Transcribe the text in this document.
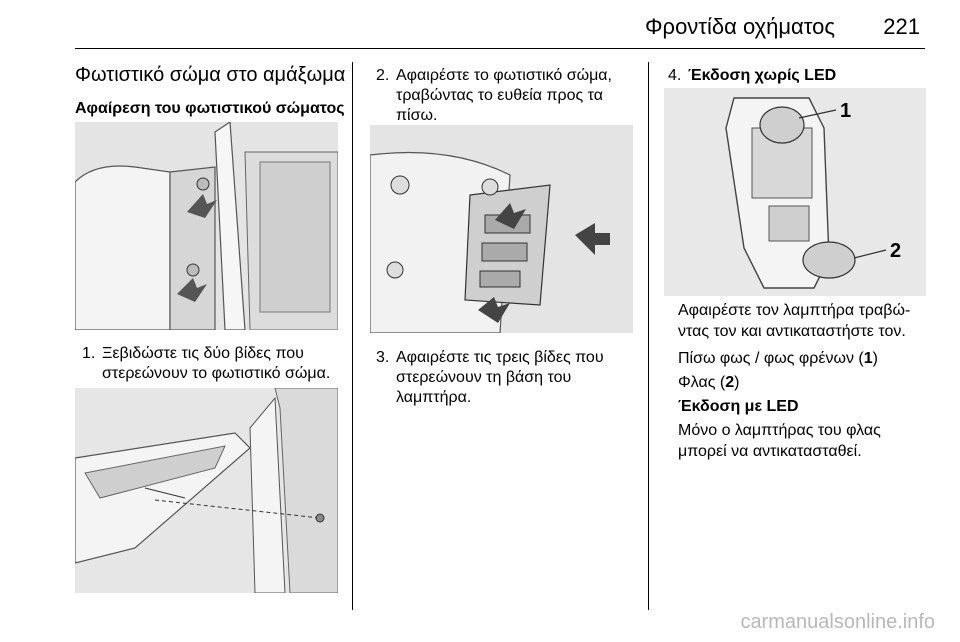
Φροντίδα οχήματος 221
Φωτιστικό σώμα στο αμάξωμα
Αφαίρεση του φωτιστικού σώματος
1. Ξεβιδώστε τις δύο βίδες που
στερεώνουν το φωτιστικό σώμα.
2. Αφαιρέστε το φωτιστικό σώμα,
τραβώντας το ευθεία προς τα
πίσω.
3. Αφαιρέστε τις τρεις βίδες που
στερεώνουν τη βάση του
λαμπτήρα.
4. Έκδοση χωρίς LED
1
2
Αφαιρέστε τον λαμπτήρα τραβώ-
ντας τον και αντικαταστήστε τον.
Πίσω φως / φως φρένων (1)
Φλας (2)
Έκδοση με LED
Μόνο ο λαμπτήρας του φλας
μπορεί να αντικατασταθεί.
carmanualsonline.info
